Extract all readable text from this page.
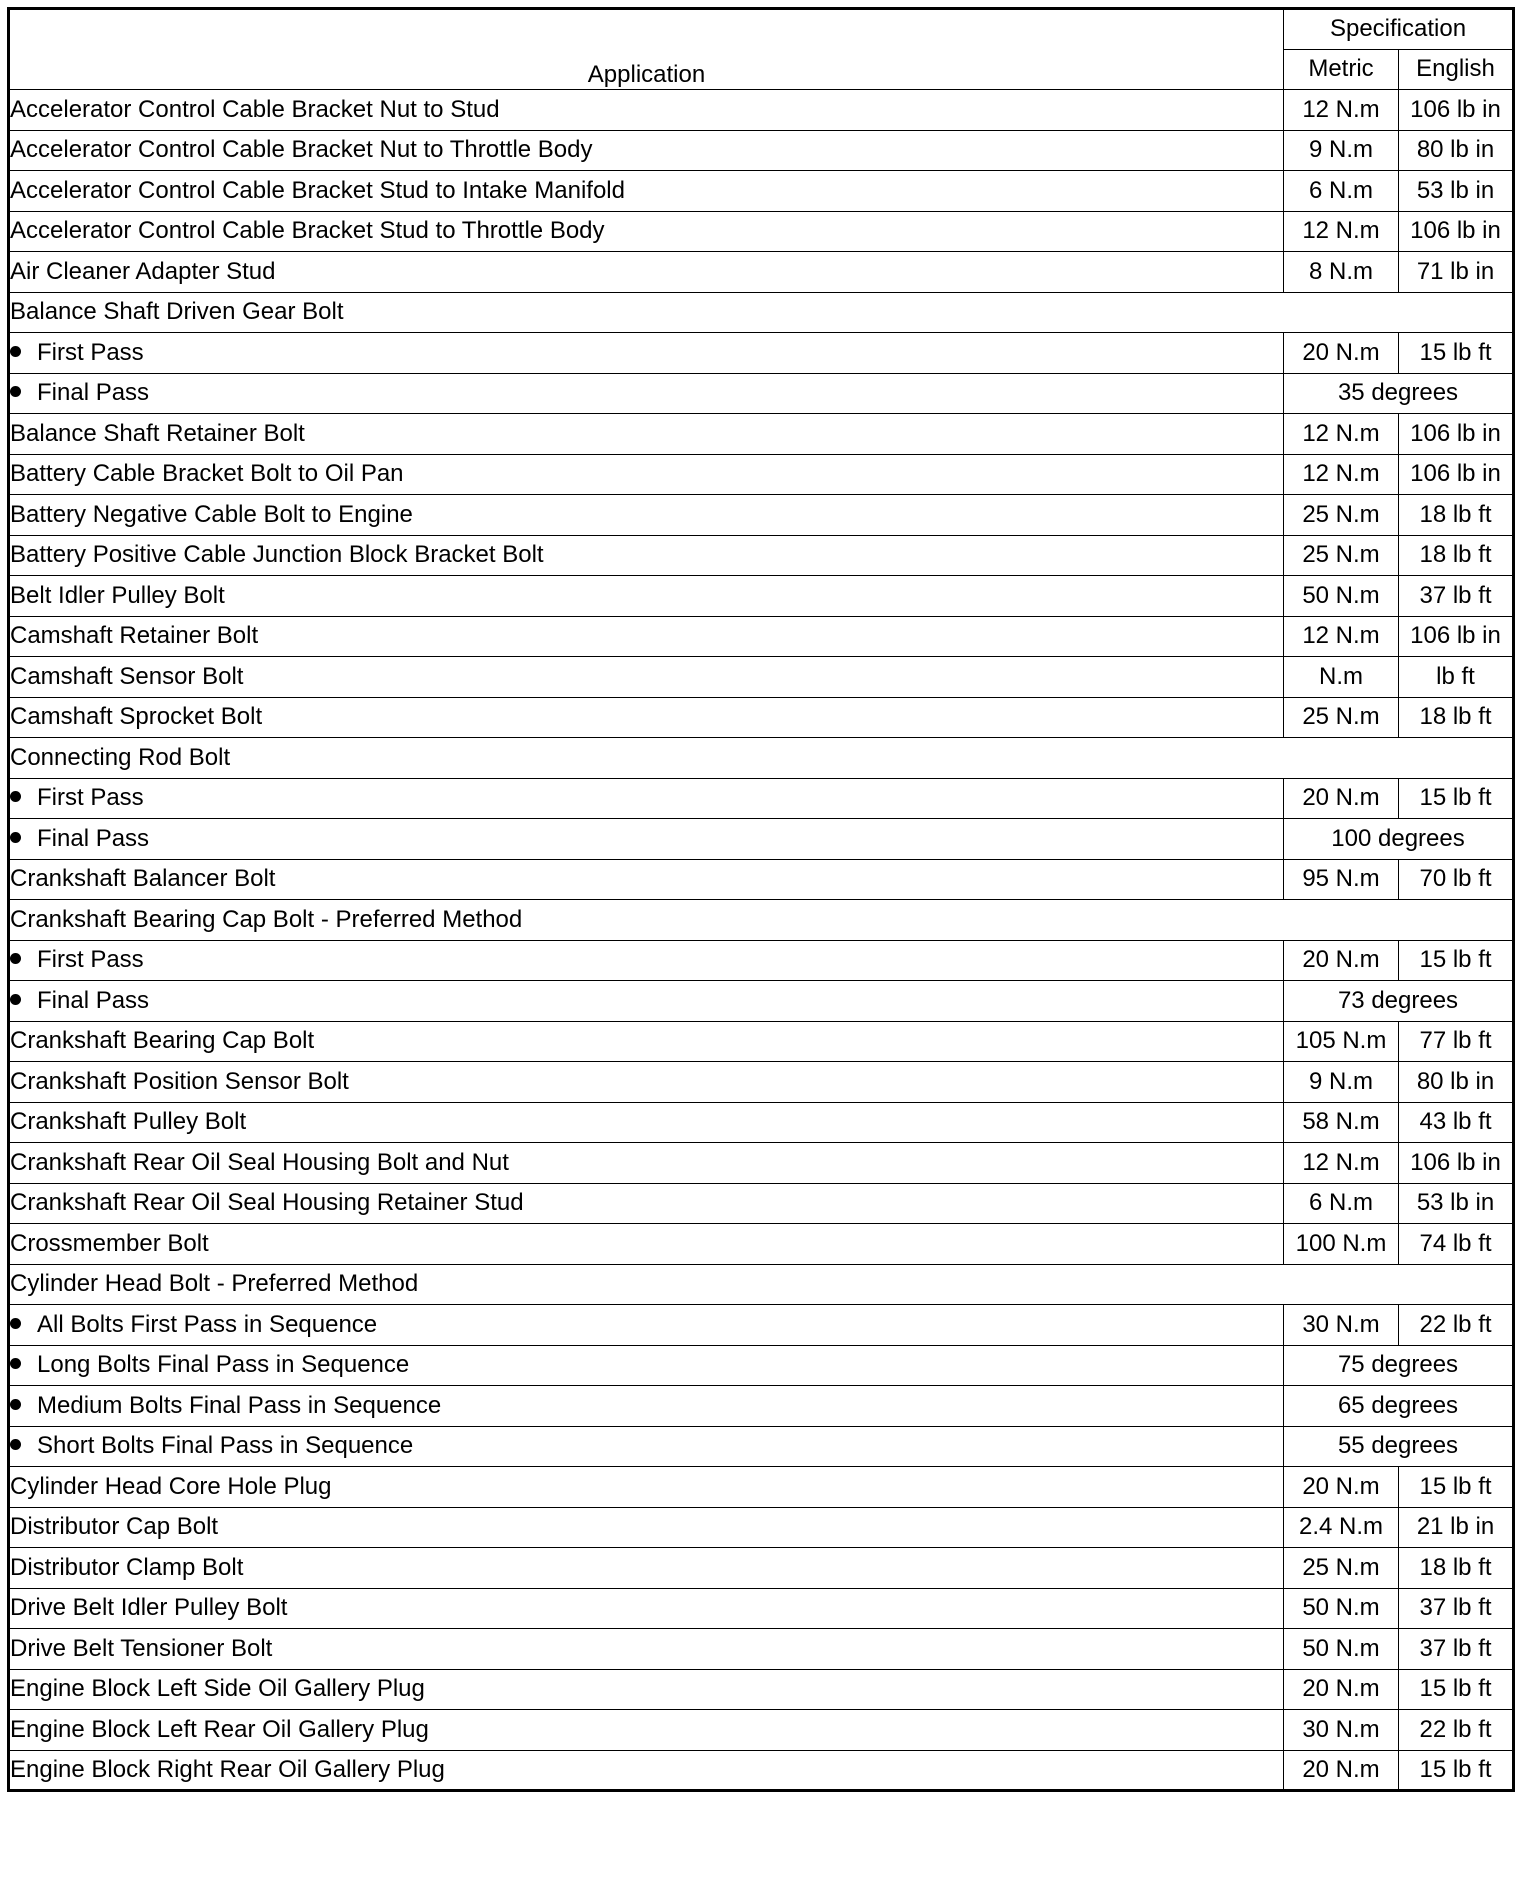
Application	Specification	
	Metric	English
Accelerator Control Cable Bracket Nut to Stud	12 N.m	106 lb in
Accelerator Control Cable Bracket Nut to Throttle Body	9 N.m	80 lb in
Accelerator Control Cable Bracket Stud to Intake Manifold	6 N.m	53 lb in
Accelerator Control Cable Bracket Stud to Throttle Body	12 N.m	106 lb in
Air Cleaner Adapter Stud	8 N.m	71 lb in
Balance Shaft Driven Gear Bolt		
First Pass	20 N.m	15 lb ft
Final Pass	35 degrees	
Balance Shaft Retainer Bolt	12 N.m	106 lb in
Battery Cable Bracket Bolt to Oil Pan	12 N.m	106 lb in
Battery Negative Cable Bolt to Engine	25 N.m	18 lb ft
Battery Positive Cable Junction Block Bracket Bolt	25 N.m	18 lb ft
Belt Idler Pulley Bolt	50 N.m	37 lb ft
Camshaft Retainer Bolt	12 N.m	106 lb in
Camshaft Sensor Bolt	N.m	lb ft
Camshaft Sprocket Bolt	25 N.m	18 lb ft
Connecting Rod Bolt		
First Pass	20 N.m	15 lb ft
Final Pass	100 degrees	
Crankshaft Balancer Bolt	95 N.m	70 lb ft
Crankshaft Bearing Cap Bolt - Preferred Method		
First Pass	20 N.m	15 lb ft
Final Pass	73 degrees	
Crankshaft Bearing Cap Bolt	105 N.m	77 lb ft
Crankshaft Position Sensor Bolt	9 N.m	80 lb in
Crankshaft Pulley Bolt	58 N.m	43 lb ft
Crankshaft Rear Oil Seal Housing Bolt and Nut	12 N.m	106 lb in
Crankshaft Rear Oil Seal Housing Retainer Stud	6 N.m	53 lb in
Crossmember Bolt	100 N.m	74 lb ft
Cylinder Head Bolt - Preferred Method		
All Bolts First Pass in Sequence	30 N.m	22 lb ft
Long Bolts Final Pass in Sequence	75 degrees	
Medium Bolts Final Pass in Sequence	65 degrees	
Short Bolts Final Pass in Sequence	55 degrees	
Cylinder Head Core Hole Plug	20 N.m	15 lb ft
Distributor Cap Bolt	2.4 N.m	21 lb in
Distributor Clamp Bolt	25 N.m	18 lb ft
Drive Belt Idler Pulley Bolt	50 N.m	37 lb ft
Drive Belt Tensioner Bolt	50 N.m	37 lb ft
Engine Block Left Side Oil Gallery Plug	20 N.m	15 lb ft
Engine Block Left Rear Oil Gallery Plug	30 N.m	22 lb ft
Engine Block Right Rear Oil Gallery Plug	20 N.m	15 lb ft
